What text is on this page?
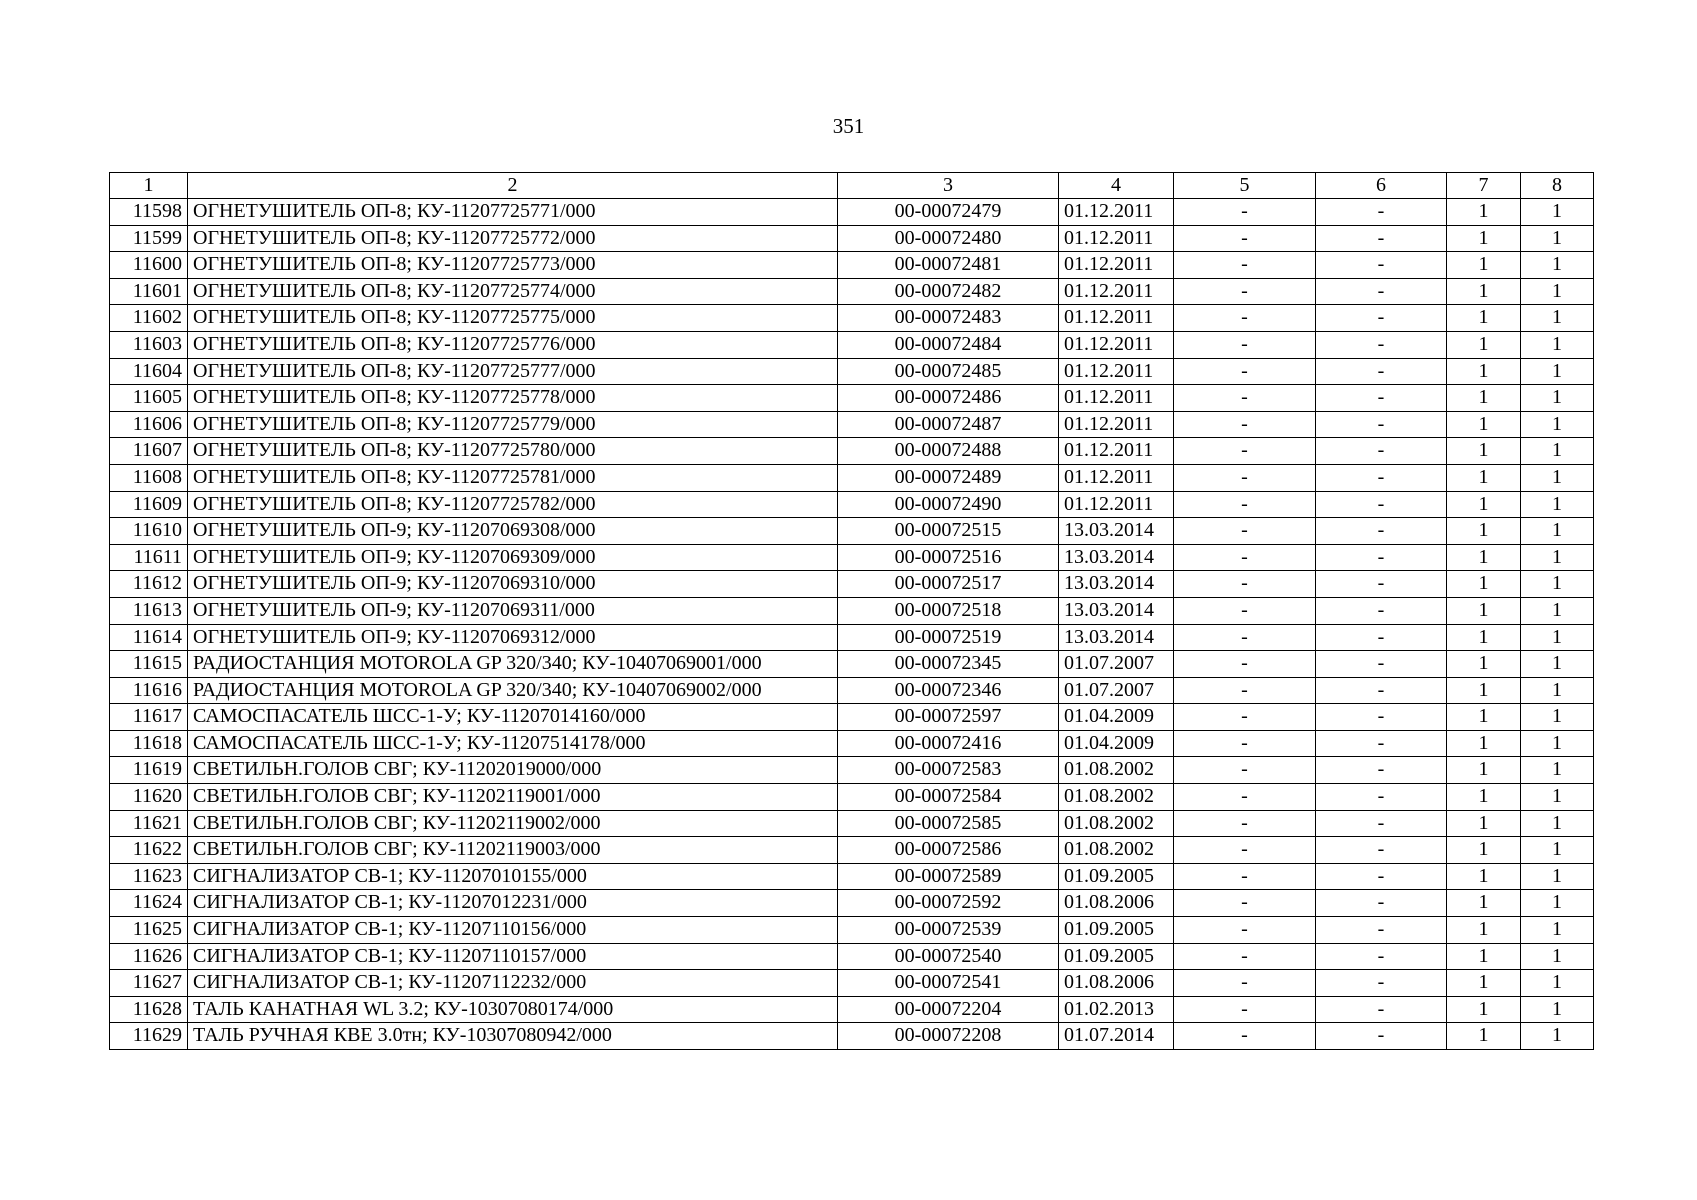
351
1	2	3	4	5	6	7	8
11598	ОГНЕТУШИТЕЛЬ ОП-8; КУ-11207725771/000	00-00072479	01.12.2011	-	-	1	1
11599	ОГНЕТУШИТЕЛЬ ОП-8; КУ-11207725772/000	00-00072480	01.12.2011	-	-	1	1
11600	ОГНЕТУШИТЕЛЬ ОП-8; КУ-11207725773/000	00-00072481	01.12.2011	-	-	1	1
11601	ОГНЕТУШИТЕЛЬ ОП-8; КУ-11207725774/000	00-00072482	01.12.2011	-	-	1	1
11602	ОГНЕТУШИТЕЛЬ ОП-8; КУ-11207725775/000	00-00072483	01.12.2011	-	-	1	1
11603	ОГНЕТУШИТЕЛЬ ОП-8; КУ-11207725776/000	00-00072484	01.12.2011	-	-	1	1
11604	ОГНЕТУШИТЕЛЬ ОП-8; КУ-11207725777/000	00-00072485	01.12.2011	-	-	1	1
11605	ОГНЕТУШИТЕЛЬ ОП-8; КУ-11207725778/000	00-00072486	01.12.2011	-	-	1	1
11606	ОГНЕТУШИТЕЛЬ ОП-8; КУ-11207725779/000	00-00072487	01.12.2011	-	-	1	1
11607	ОГНЕТУШИТЕЛЬ ОП-8; КУ-11207725780/000	00-00072488	01.12.2011	-	-	1	1
11608	ОГНЕТУШИТЕЛЬ ОП-8; КУ-11207725781/000	00-00072489	01.12.2011	-	-	1	1
11609	ОГНЕТУШИТЕЛЬ ОП-8; КУ-11207725782/000	00-00072490	01.12.2011	-	-	1	1
11610	ОГНЕТУШИТЕЛЬ ОП-9; КУ-11207069308/000	00-00072515	13.03.2014	-	-	1	1
11611	ОГНЕТУШИТЕЛЬ ОП-9; КУ-11207069309/000	00-00072516	13.03.2014	-	-	1	1
11612	ОГНЕТУШИТЕЛЬ ОП-9; КУ-11207069310/000	00-00072517	13.03.2014	-	-	1	1
11613	ОГНЕТУШИТЕЛЬ ОП-9; КУ-11207069311/000	00-00072518	13.03.2014	-	-	1	1
11614	ОГНЕТУШИТЕЛЬ ОП-9; КУ-11207069312/000	00-00072519	13.03.2014	-	-	1	1
11615	РАДИОСТАНЦИЯ MOTOROLA GP 320/340; КУ-10407069001/000	00-00072345	01.07.2007	-	-	1	1
11616	РАДИОСТАНЦИЯ MOTOROLA GP 320/340; КУ-10407069002/000	00-00072346	01.07.2007	-	-	1	1
11617	САМОСПАСАТЕЛЬ ШСС-1-У; КУ-11207014160/000	00-00072597	01.04.2009	-	-	1	1
11618	САМОСПАСАТЕЛЬ ШСС-1-У; КУ-11207514178/000	00-00072416	01.04.2009	-	-	1	1
11619	СВЕТИЛЬН.ГОЛОВ СВГ; КУ-11202019000/000	00-00072583	01.08.2002	-	-	1	1
11620	СВЕТИЛЬН.ГОЛОВ СВГ; КУ-11202119001/000	00-00072584	01.08.2002	-	-	1	1
11621	СВЕТИЛЬН.ГОЛОВ СВГ; КУ-11202119002/000	00-00072585	01.08.2002	-	-	1	1
11622	СВЕТИЛЬН.ГОЛОВ СВГ; КУ-11202119003/000	00-00072586	01.08.2002	-	-	1	1
11623	СИГНАЛИЗАТОР СВ-1; КУ-11207010155/000	00-00072589	01.09.2005	-	-	1	1
11624	СИГНАЛИЗАТОР СВ-1; КУ-11207012231/000	00-00072592	01.08.2006	-	-	1	1
11625	СИГНАЛИЗАТОР СВ-1; КУ-11207110156/000	00-00072539	01.09.2005	-	-	1	1
11626	СИГНАЛИЗАТОР СВ-1; КУ-11207110157/000	00-00072540	01.09.2005	-	-	1	1
11627	СИГНАЛИЗАТОР СВ-1; КУ-11207112232/000	00-00072541	01.08.2006	-	-	1	1
11628	ТАЛЬ КАНАТНАЯ WL 3.2; КУ-10307080174/000	00-00072204	01.02.2013	-	-	1	1
11629	ТАЛЬ РУЧНАЯ КВЕ 3.0тн; КУ-10307080942/000	00-00072208	01.07.2014	-	-	1	1
